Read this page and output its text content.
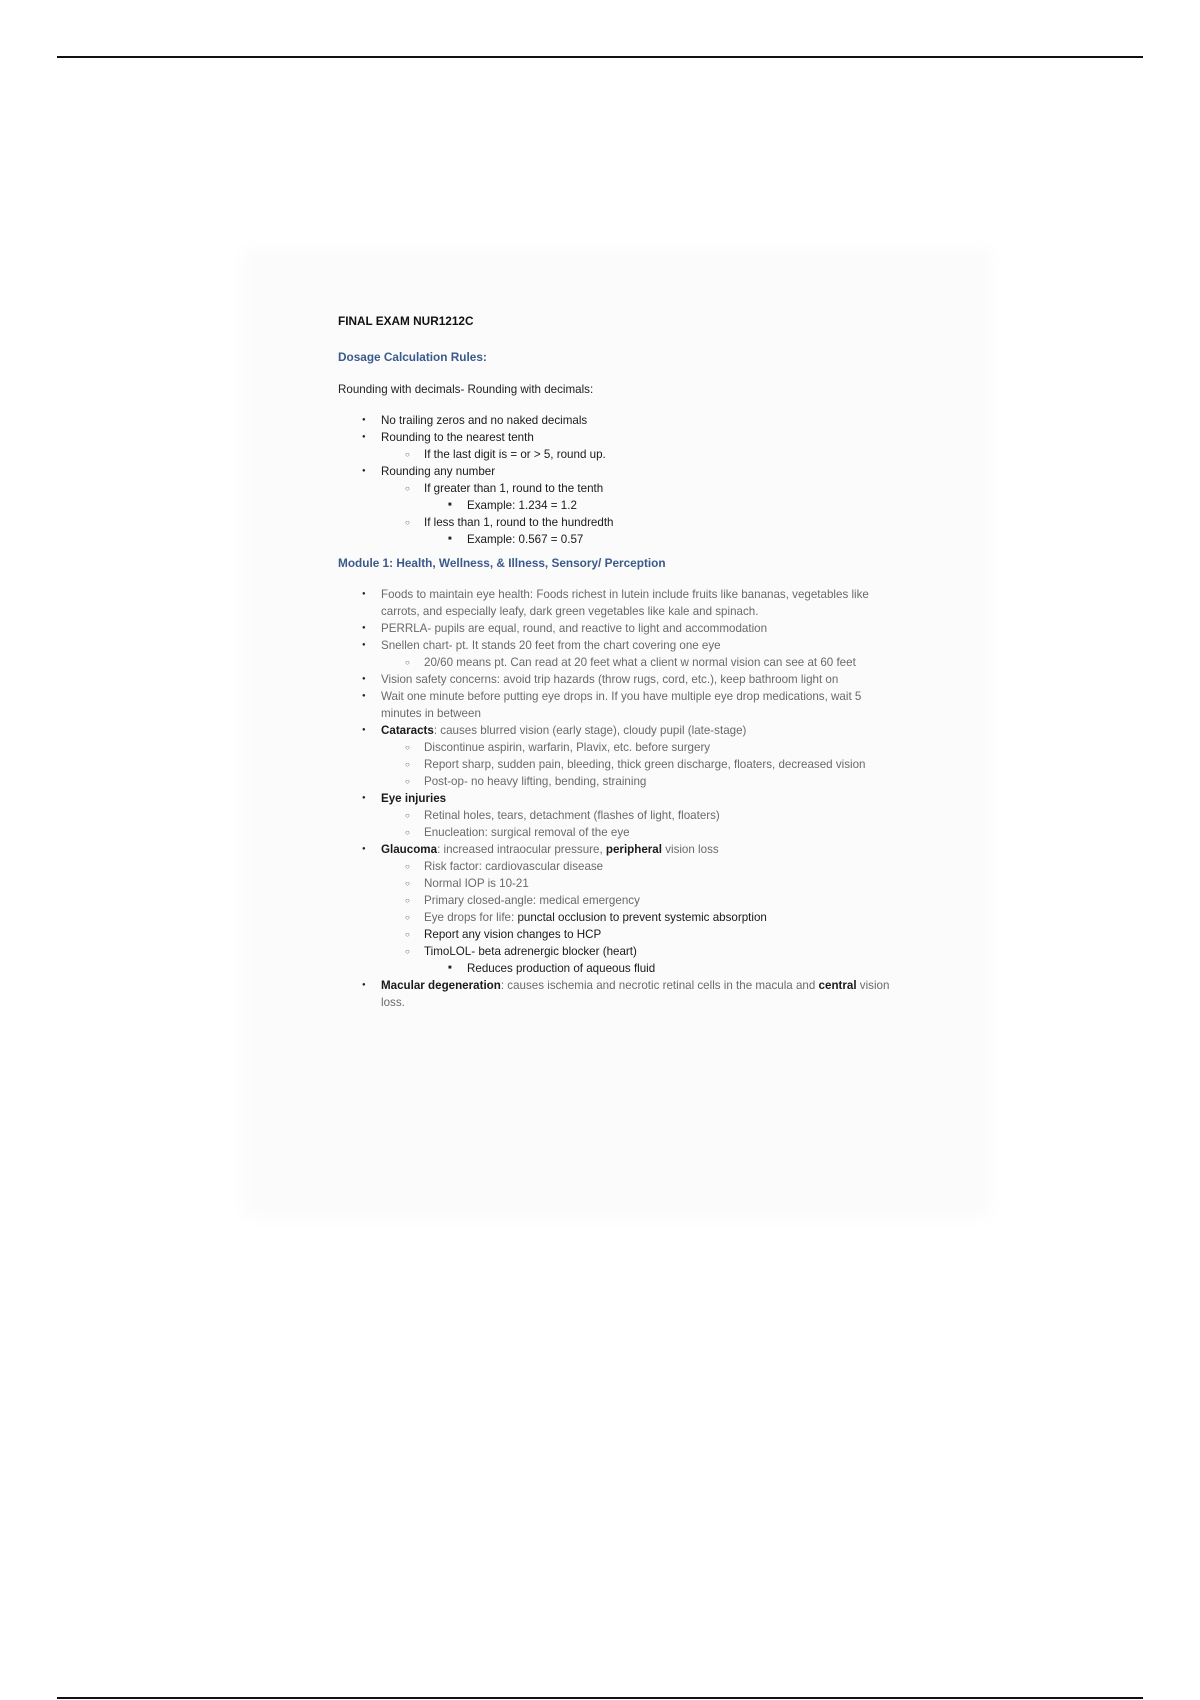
FINAL EXAM NUR1212C
Dosage Calculation Rules:
Rounding with decimals- Rounding with decimals:
● No trailing zeros and no naked decimals
● Rounding to the nearest tenth
○ If the last digit is = or > 5, round up.
● Rounding any number
○ If greater than 1, round to the tenth
■ Example: 1.234 = 1.2
○ If less than 1, round to the hundredth
■ Example: 0.567 = 0.57
Module 1: Health, Wellness, & Illness, Sensory/ Perception
● Foods to maintain eye health: Foods richest in lutein include fruits like bananas, vegetables like carrots, and especially leafy, dark green vegetables like kale and spinach.
● PERRLA- pupils are equal, round, and reactive to light and accommodation
● Snellen chart- pt. It stands 20 feet from the chart covering one eye
○ 20/60 means pt. Can read at 20 feet what a client w normal vision can see at 60 feet
● Vision safety concerns: avoid trip hazards (throw rugs, cord, etc.), keep bathroom light on
● Wait one minute before putting eye drops in. If you have multiple eye drop medications, wait 5 minutes in between
● Cataracts: causes blurred vision (early stage), cloudy pupil (late-stage)
○ Discontinue aspirin, warfarin, Plavix, etc. before surgery
○ Report sharp, sudden pain, bleeding, thick green discharge, floaters, decreased vision
○ Post-op- no heavy lifting, bending, straining
● Eye injuries
○ Retinal holes, tears, detachment (flashes of light, floaters)
○ Enucleation: surgical removal of the eye
● Glaucoma: increased intraocular pressure, peripheral vision loss
○ Risk factor: cardiovascular disease
○ Normal IOP is 10-21
○ Primary closed-angle: medical emergency
○ Eye drops for life: punctal occlusion to prevent systemic absorption
○ Report any vision changes to HCP
○ TimoLOL- beta adrenergic blocker (heart)
■ Reduces production of aqueous fluid
● Macular degeneration: causes ischemia and necrotic retinal cells in the macula and central vision loss.
